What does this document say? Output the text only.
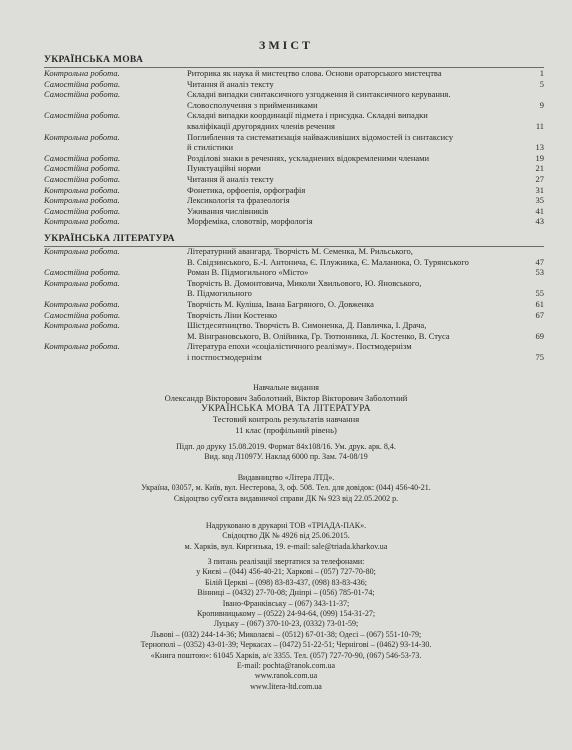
ЗМІСТ
УКРАЇНСЬКА МОВА
Контрольна робота.	Риторика як наука й мистецтво слова. Основи ораторського мистецтва	1
Самостійна робота.	Читання й аналіз тексту	5
Самостійна робота.	Складні випадки синтаксичного узгодження й синтаксичного керування.
Словосполучення з прийменниками	9
Самостійна робота.	Складні випадки координації підмета і присудка. Складні випадки
кваліфікації другорядних членів речення	11
Контрольна робота.	Поглиблення та систематизація найважливіших відомостей із синтаксису
й стилістики	13
Самостійна робота.	Розділові знаки в реченнях, ускладнених відокремленими членами	19
Самостійна робота.	Пунктуаційні норми	21
Самостійна робота.	Читання й аналіз тексту	27
Контрольна робота.	Фонетика, орфоепія, орфографія	31
Контрольна робота.	Лексикологія та фразеологія	35
Самостійна робота.	Уживання числівників	41
Контрольна робота.	Морфеміка, словотвір, морфологія	43
УКРАЇНСЬКА ЛІТЕРАТУРА
Контрольна робота.	Літературний авангард. Творчість М. Семенка, М. Рильського,
В. Свідзинського, Б.-І. Антонича, Є. Плужника, Є. Маланюка, О. Турянського	47
Самостійна робота.	Роман В. Підмогильного «Місто»	53
Контрольна робота.	Творчість В. Домонтовича, Миколи Хвильового, Ю. Яновського,
В. Підмогильного	55
Контрольна робота.	Творчість М. Куліша, Івана Багряного, О. Довженка	61
Самостійна робота.	Творчість Ліни Костенко	67
Контрольна робота.	Шістдесятництво. Творчість В. Симоненка, Д. Павличка, І. Драча,
М. Вінграновського, В. Олійника, Гр. Тютюнника, Л. Костенко, В. Стуса	69
Контрольна робота.	Література епохи «соціалістичного реалізму». Постмодернізм
і постпостмодернізм	75
Навчальне видання
Олександр Вікторович Заболотний, Віктор Вікторович Заболотний
УКРАЇНСЬКА МОВА ТА ЛІТЕРАТУРА
Тестовий контроль результатів навчання
11 клас (профільний рівень)
Підп. до друку 15.08.2019. Формат 84х108/16. Ум. друк. арк. 8,4.
Вид. код Л1097У. Наклад 6000 пр. Зам. 74-08/19
Видавництво «Літера ЛТД».
Україна, 03057, м. Київ, вул. Нестерова, 3, оф. 508. Тел. для довідок: (044) 456-40-21.
Свідоцтво суб'єкта видавничої справи ДК № 923 від 22.05.2002 р.
Надруковано в друкарні ТОВ «ТРІАДА-ПАК».
Свідоцтво ДК № 4926 від 25.06.2015.
м. Харків, вул. Киргизька, 19. e-mail: sale@triada.kharkov.ua
З питань реалізації звертатися за телефонами:
у Києві – (044) 456-40-21; Харкові – (057) 727-70-80;
Білій Церкві – (098) 83-83-437, (098) 83-83-436;
Вінниці – (0432) 27-70-08; Дніпрі – (056) 785-01-74;
Івано-Франківську – (067) 343-11-37;
Кропивницькому – (0522) 24-94-64, (099) 154-31-27;
Луцьку – (067) 370-10-23, (0332) 73-01-59;
Львові – (032) 244-14-36; Миколаєві – (0512) 67-01-38; Одесі – (067) 551-10-79;
Тернополі – (0352) 43-01-39; Черкасах – (0472) 51-22-51; Чернігові – (0462) 93-14-30.
«Книга поштою»: 61045 Харків, а/с 3355. Тел. (057) 727-70-90, (067) 546-53-73.
E-mail: pochta@ranok.com.ua
www.ranok.com.ua
www.litera-ltd.com.ua
